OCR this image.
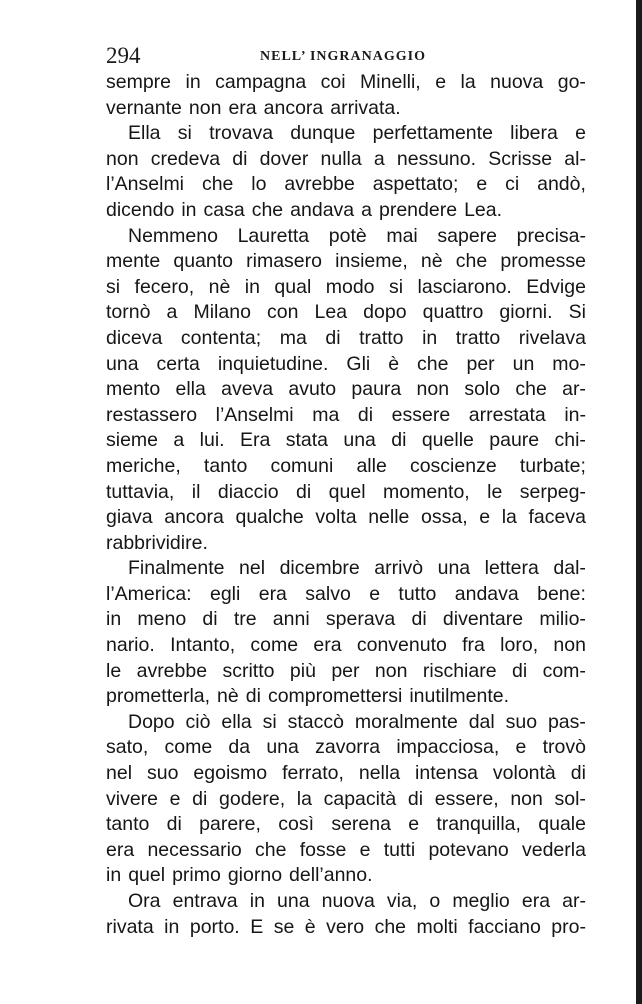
294	NELL’ INGRANAGGIO
sempre in campagna coi Minelli, e la nuova go-
vernante non era ancora arrivata.
Ella si trovava dunque perfettamente libera e
non credeva di dover nulla a nessuno. Scrisse al-
l’Anselmi che lo avrebbe aspettato; e ci andò,
dicendo in casa che andava a prendere Lea.
Nemmeno Lauretta potè mai sapere precisa-
mente quanto rimasero insieme, nè che promesse
si fecero, nè in qual modo si lasciarono. Edvige
tornò a Milano con Lea dopo quattro giorni. Si
diceva contenta; ma di tratto in tratto rivelava
una certa inquietudine. Gli è che per un mo-
mento ella aveva avuto paura non solo che ar-
restassero l’Anselmi ma di essere arrestata in-
sieme a lui. Era stata una di quelle paure chi-
meriche, tanto comuni alle coscienze turbate;
tuttavia, il diaccio di quel momento, le serpeg-
giava ancora qualche volta nelle ossa, e la faceva
rabbrividire.
Finalmente nel dicembre arrivò una lettera dal-
l’America: egli era salvo e tutto andava bene:
in meno di tre anni sperava di diventare milio-
nario. Intanto, come era convenuto fra loro, non
le avrebbe scritto più per non rischiare di com-
prometterla, nè di compromettersi inutilmente.
Dopo ciò ella si staccò moralmente dal suo pas-
sato, come da una zavorra impacciosa, e trovò
nel suo egoismo ferrato, nella intensa volontà di
vivere e di godere, la capacità di essere, non sol-
tanto di parere, così serena e tranquilla, quale
era necessario che fosse e tutti potevano vederla
in quel primo giorno dell’anno.
Ora entrava in una nuova via, o meglio era ar-
rivata in porto. E se è vero che molti facciano pro-
